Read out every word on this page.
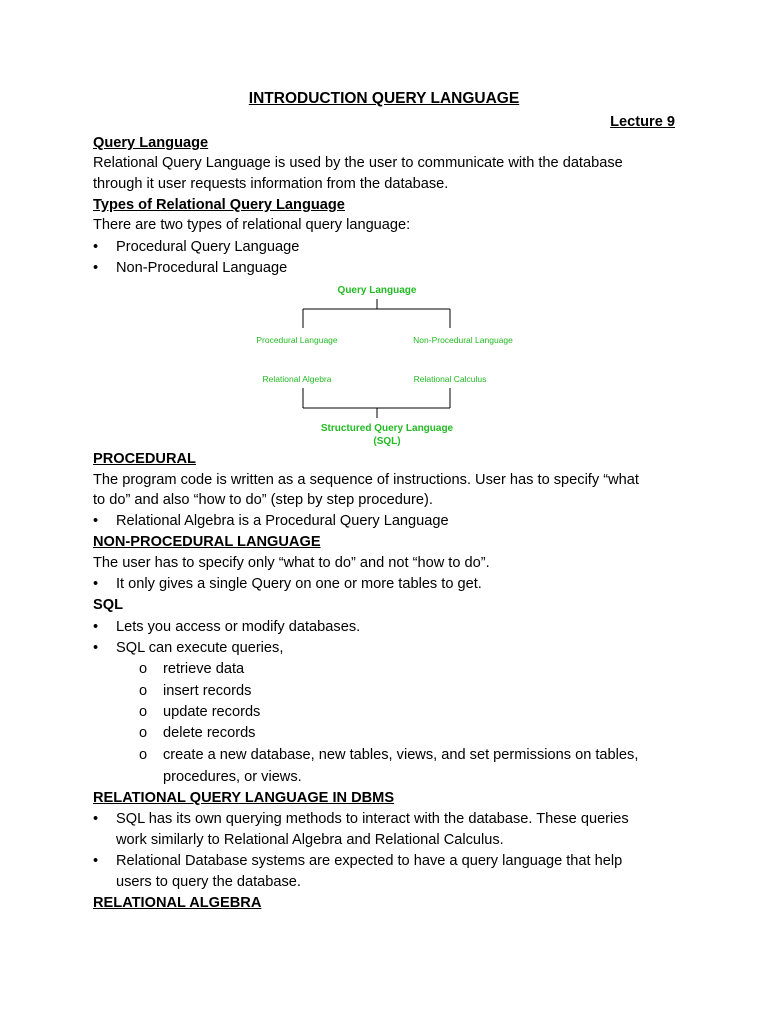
INTRODUCTION QUERY LANGUAGE
Lecture 9
Query Language
Relational Query Language is used by the user to communicate with the database
through it user requests information from the database.
Types of Relational Query Language
There are two types of relational query language:
• Procedural Query Language
• Non-Procedural Language
Query Language
Procedural Language	Non-Procedural Language
Relational Algebra	Relational Calculus
Structured Query Language
(SQL)
PROCEDURAL
The program code is written as a sequence of instructions. User has to specify “what
to do” and also “how to do” (step by step procedure).
• Relational Algebra is a Procedural Query Language
NON-PROCEDURAL LANGUAGE
The user has to specify only “what to do” and not “how to do”.
• It only gives a single Query on one or more tables to get.
SQL
• Lets you access or modify databases.
• SQL can execute queries,
o retrieve data
o insert records
o update records
o delete records
o create a new database, new tables, views, and set permissions on tables,
procedures, or views.
RELATIONAL QUERY LANGUAGE IN DBMS
• SQL has its own querying methods to interact with the database. These queries
work similarly to Relational Algebra and Relational Calculus.
• Relational Database systems are expected to have a query language that help
users to query the database.
RELATIONAL ALGEBRA
